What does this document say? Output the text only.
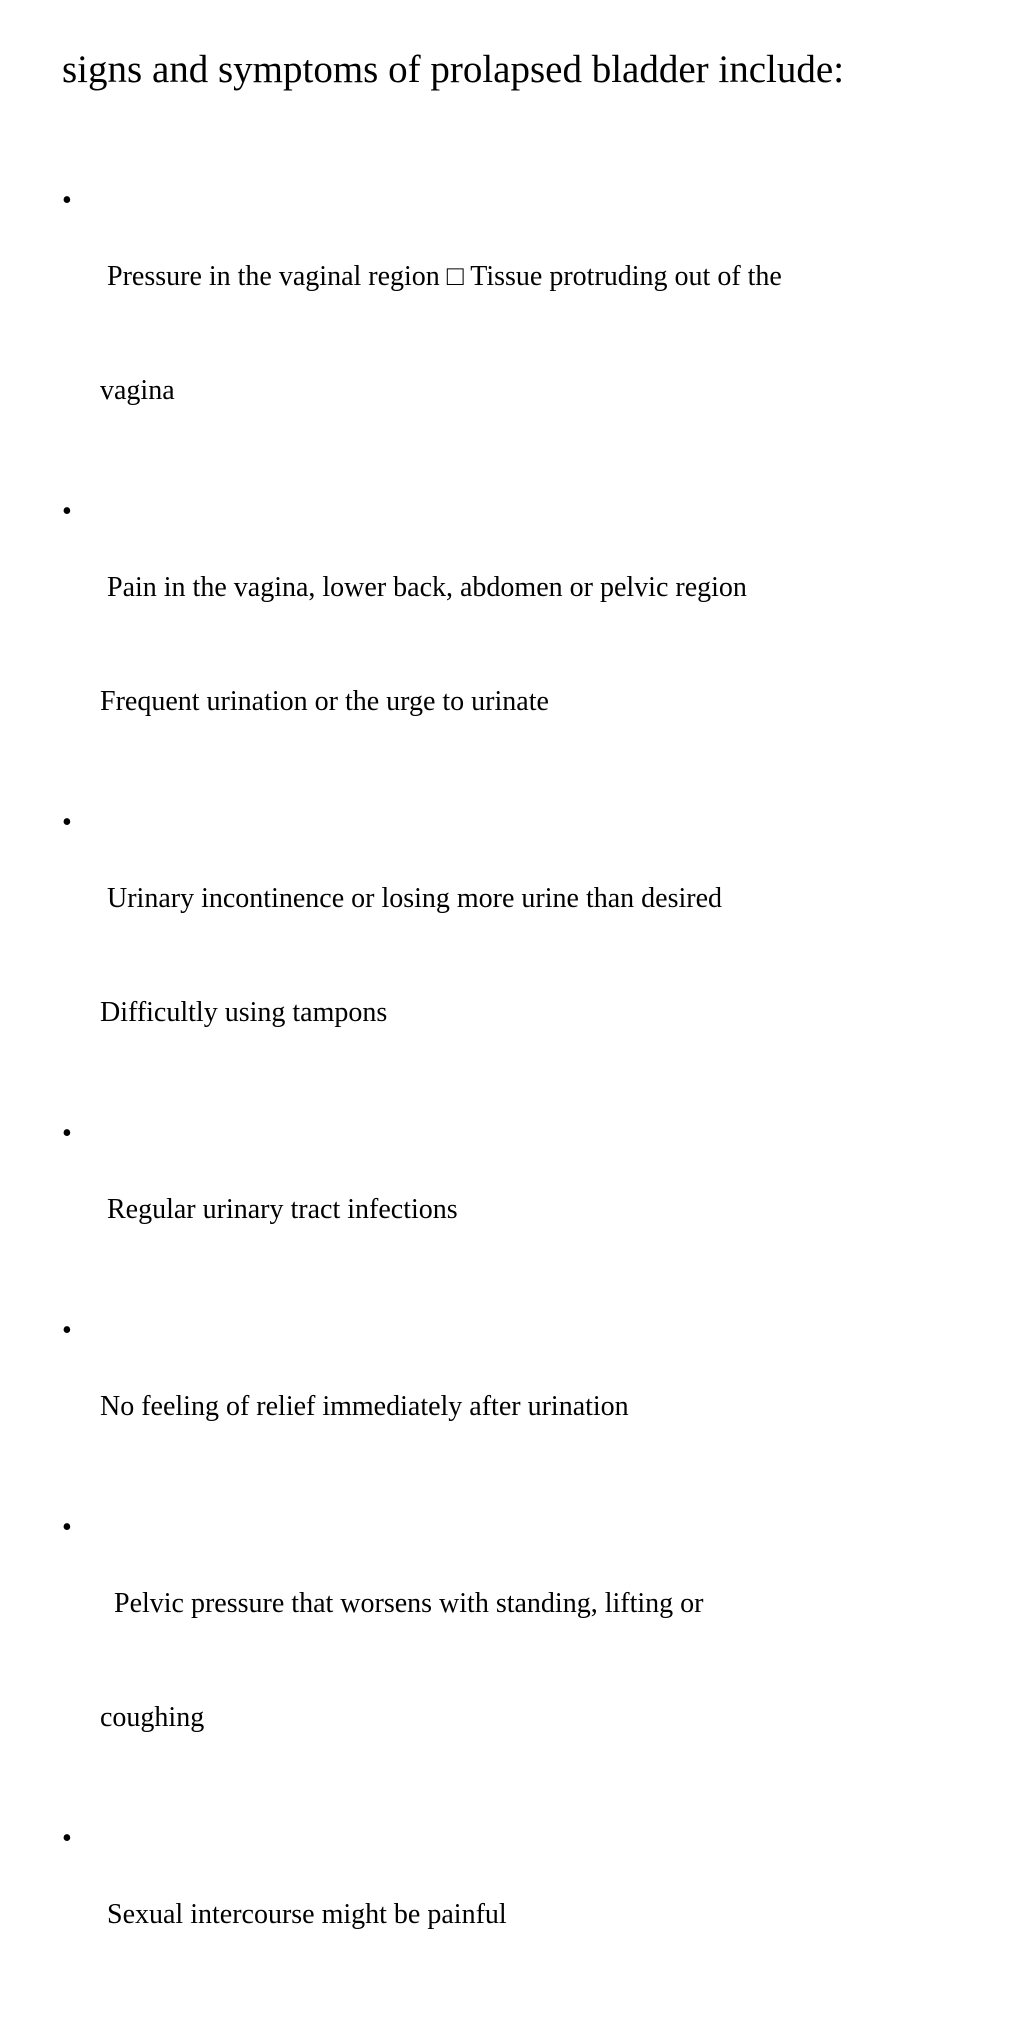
signs and symptoms of prolapsed bladder include:
•

Pressure in the vaginal region □ Tissue protruding out of the

vagina

•

Pain in the vagina, lower back, abdomen or pelvic region

Frequent urination or the urge to urinate

•

Urinary incontinence or losing more urine than desired

Difficultly using tampons

•

Regular urinary tract infections

•

No feeling of relief immediately after urination

•

Pelvic pressure that worsens with standing, lifting or

coughing

•

Sexual intercourse might be painful
